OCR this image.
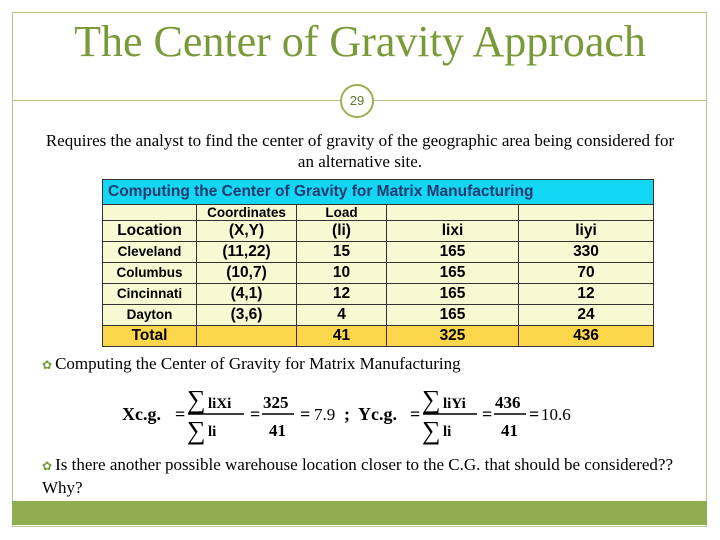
The Center of Gravity Approach
29
Requires the analyst to find the center of gravity of the geographic area being considered for an alternative site.
Computing the Center of Gravity for Matrix Manufacturing				
	Coordinates	Load		
Location	(X,Y)	(li)	lixi	liyi
Cleveland	(11,22)	15	165	330
Columbus	(10,7)	10	165	70
Cincinnati	(4,1)	12	165	12
Dayton	(3,6)	4	165	24
Total		41	325	436
✿ Computing the Center of Gravity for Matrix Manufacturing
Xc.g. = ∑ liXi
∑ li
=
325
41
= 7.9 ; Yc.g. = ∑ liYi
∑ li
=
436
41
= 10.6
✿ Is there another possible warehouse location closer to the C.G. that should be considered?? Why?
